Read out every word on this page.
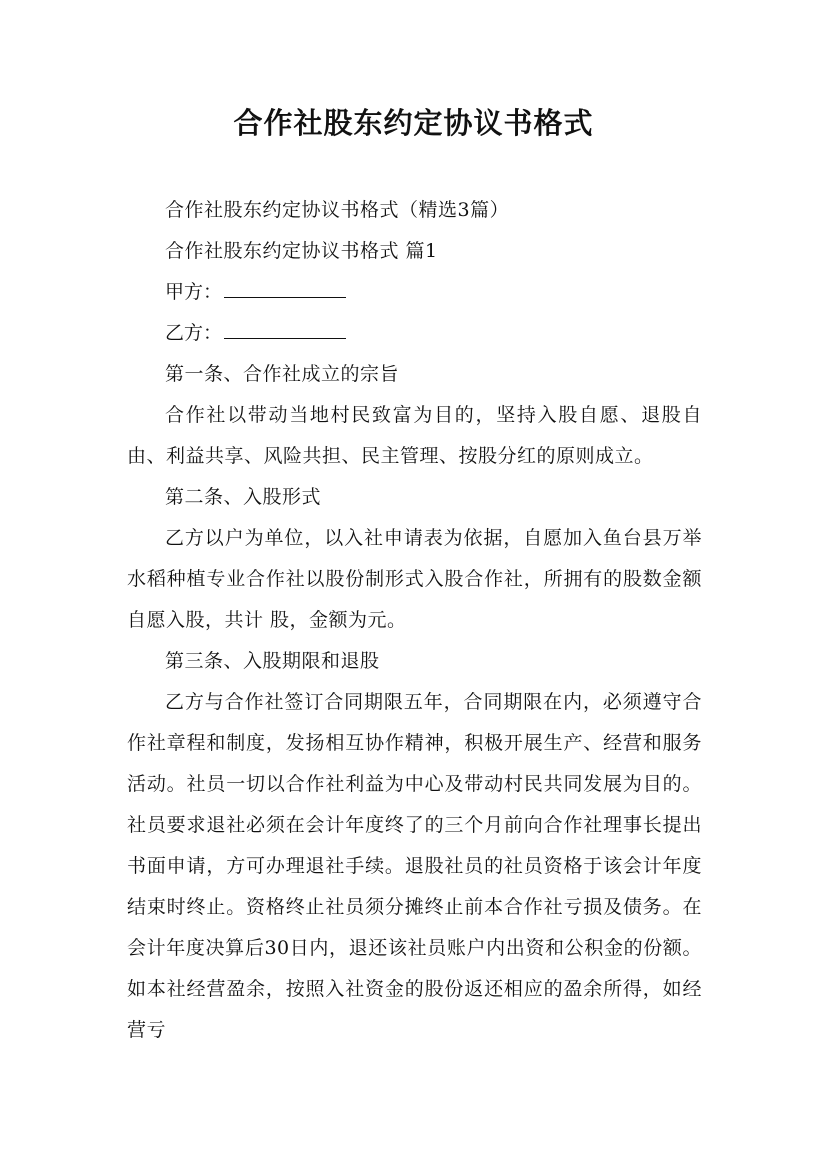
合作社股东约定协议书格式

合作社股东约定协议书格式（精选3篇）

合作社股东约定协议书格式 篇1

甲方：

乙方：

第一条、合作社成立的宗旨

合作社以带动当地村民致富为目的，坚持入股自愿、退股自由、利益共享、风险共担、民主管理、按股分红的原则成立。

第二条、入股形式

乙方以户为单位，以入社申请表为依据，自愿加入鱼台县万举水稻种植专业合作社以股份制形式入股合作社，所拥有的股数金额自愿入股，共计 股，金额为元。

第三条、入股期限和退股

乙方与合作社签订合同期限五年，合同期限在内，必须遵守合作社章程和制度，发扬相互协作精神，积极开展生产、经营和服务活动。社员一切以合作社利益为中心及带动村民共同发展为目的。社员要求退社必须在会计年度终了的三个月前向合作社理事长提出书面申请，方可办理退社手续。退股社员的社员资格于该会计年度结束时终止。资格终止社员须分摊终止前本合作社亏损及债务。在会计年度决算后30日内，退还该社员账户内出资和公积金的份额。如本社经营盈余，按照入社资金的股份返还相应的盈余所得，如经营亏
